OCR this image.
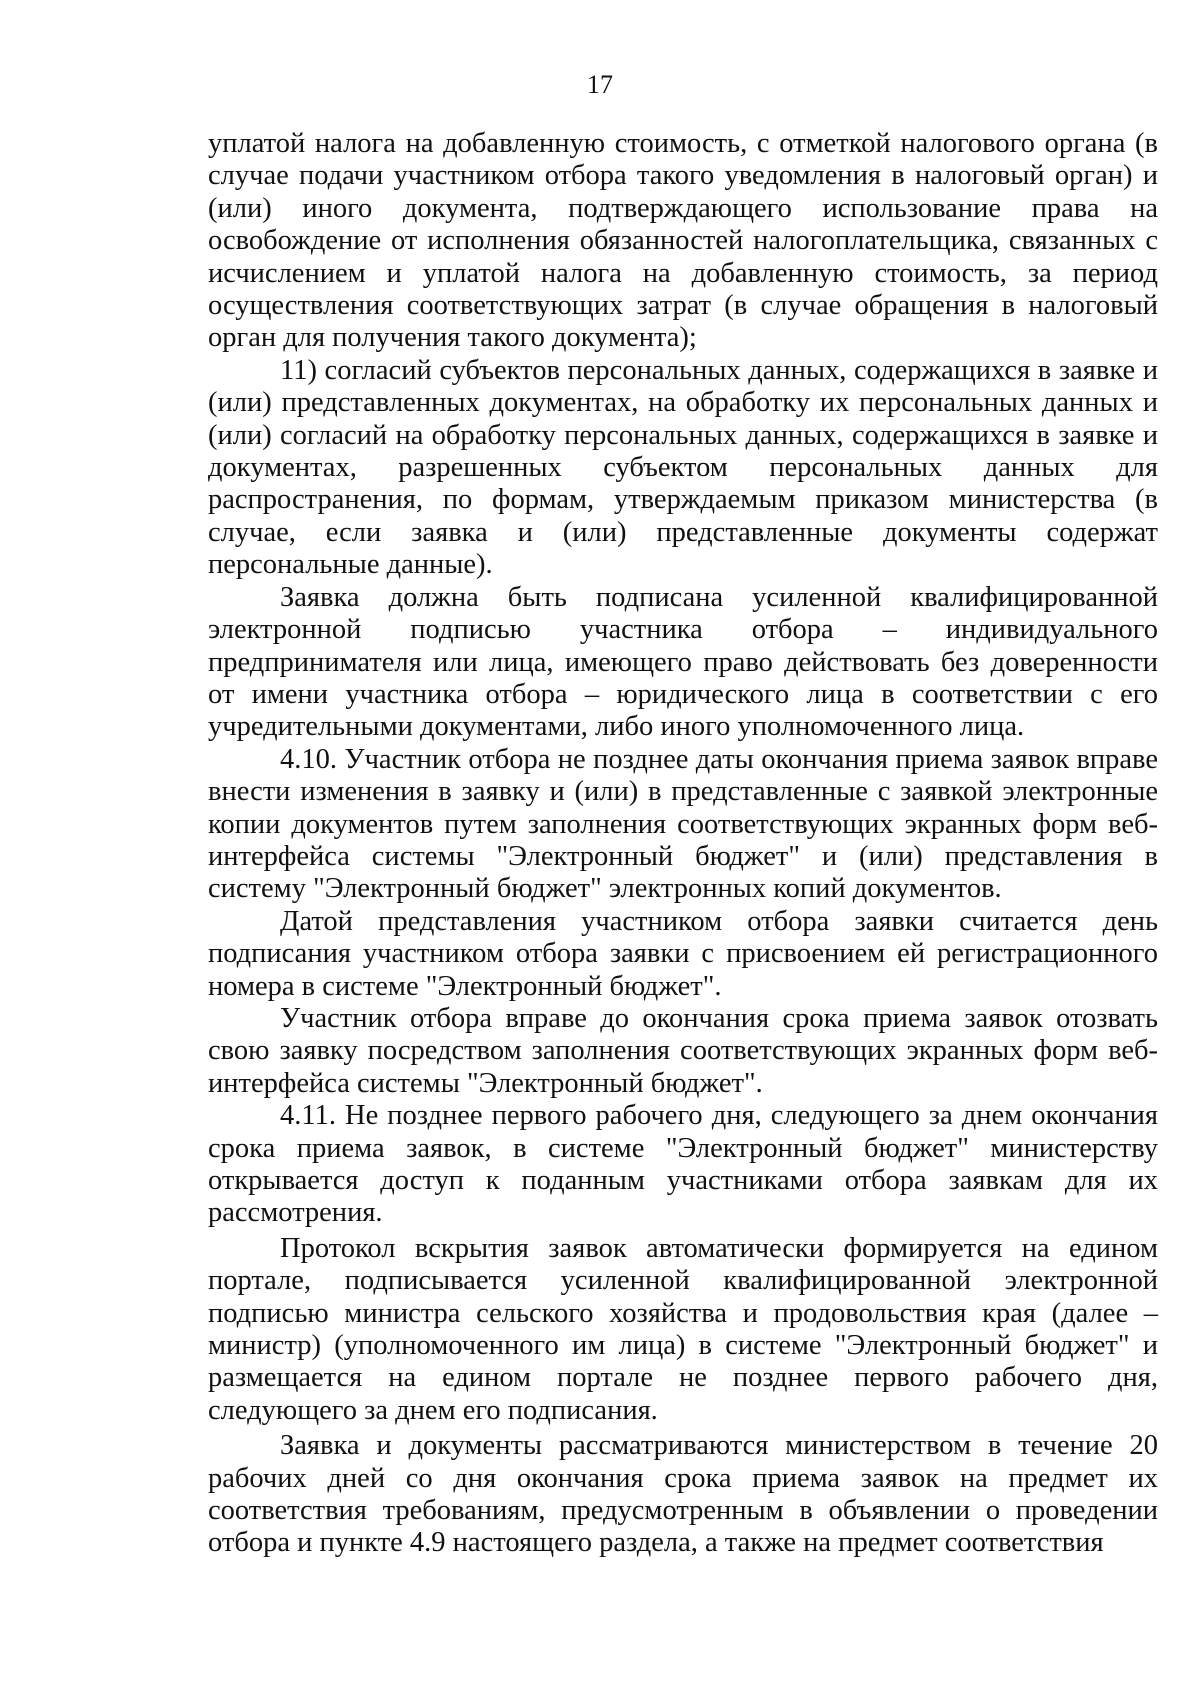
17

уплатой налога на добавленную стоимость, с отметкой налогового органа (в случае подачи участником отбора такого уведомления в налоговый орган) и (или) иного документа, подтверждающего использование права на освобождение от исполнения обязанностей налогоплательщика, связанных с исчислением и уплатой налога на добавленную стоимость, за период осуществления соответствующих затрат (в случае обращения в налоговый орган для получения такого документа);

11) согласий субъектов персональных данных, содержащихся в заявке и (или) представленных документах, на обработку их персональных данных и (или) согласий на обработку персональных данных, содержащихся в заявке и документах, разрешенных субъектом персональных данных для распространения, по формам, утверждаемым приказом министерства (в случае, если заявка и (или) представленные документы содержат персональные данные).

Заявка должна быть подписана усиленной квалифицированной электронной подписью участника отбора – индивидуального предпринимателя или лица, имеющего право действовать без доверенности от имени участника отбора – юридического лица в соответствии с его учредительными документами, либо иного уполномоченного лица.

4.10. Участник отбора не позднее даты окончания приема заявок вправе внести изменения в заявку и (или) в представленные с заявкой электронные копии документов путем заполнения соответствующих экранных форм веб-интерфейса системы "Электронный бюджет" и (или) представления в систему "Электронный бюджет" электронных копий документов.

Датой представления участником отбора заявки считается день подписания участником отбора заявки с присвоением ей регистрационного номера в системе "Электронный бюджет".

Участник отбора вправе до окончания срока приема заявок отозвать свою заявку посредством заполнения соответствующих экранных форм веб-интерфейса системы "Электронный бюджет".

4.11. Не позднее первого рабочего дня, следующего за днем окончания срока приема заявок, в системе "Электронный бюджет" министерству открывается доступ к поданным участниками отбора заявкам для их рассмотрения.

Протокол вскрытия заявок автоматически формируется на едином портале, подписывается усиленной квалифицированной электронной подписью министра сельского хозяйства и продовольствия края (далее – министр) (уполномоченного им лица) в системе "Электронный бюджет" и размещается на едином портале не позднее первого рабочего дня, следующего за днем его подписания.

Заявка и документы рассматриваются министерством в течение 20 рабочих дней со дня окончания срока приема заявок на предмет их соответствия требованиям, предусмотренным в объявлении о проведении отбора и пункте 4.9 настоящего раздела, а также на предмет соответствия
